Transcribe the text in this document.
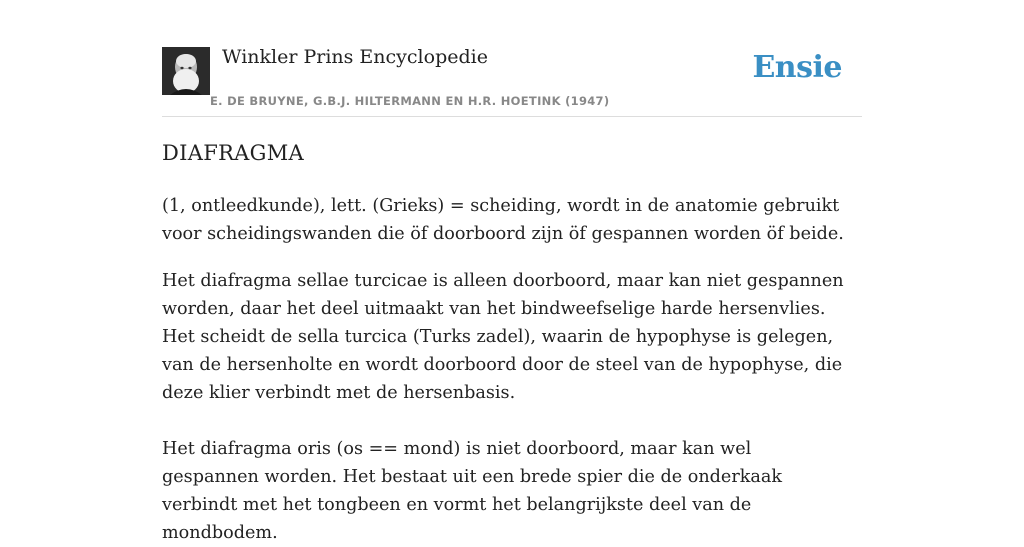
Winkler Prins Encyclopedie
E. DE BRUYNE, G.B.J. HILTERMANN EN H.R. HOETINK (1947)
Ensie
DIAFRAGMA

(1, ontleedkunde), lett. (Grieks) = scheiding, wordt in de anatomie gebruikt voor scheidingswanden die öf doorboord zijn öf gespannen worden öf beide.

Het diafragma sellae turcicae is alleen doorboord, maar kan niet gespannen worden, daar het deel uitmaakt van het bindweefselige harde hersenvlies. Het scheidt de sella turcica (Turks zadel), waarin de hypophyse is gelegen, van de hersenholte en wordt doorboord door de steel van de hypophyse, die deze klier verbindt met de hersenbasis.

Het diafragma oris (os == mond) is niet doorboord, maar kan wel gespannen worden. Het bestaat uit een brede spier die de onderkaak verbindt met het tongbeen en vormt het belangrijkste deel van de mondbodem.
